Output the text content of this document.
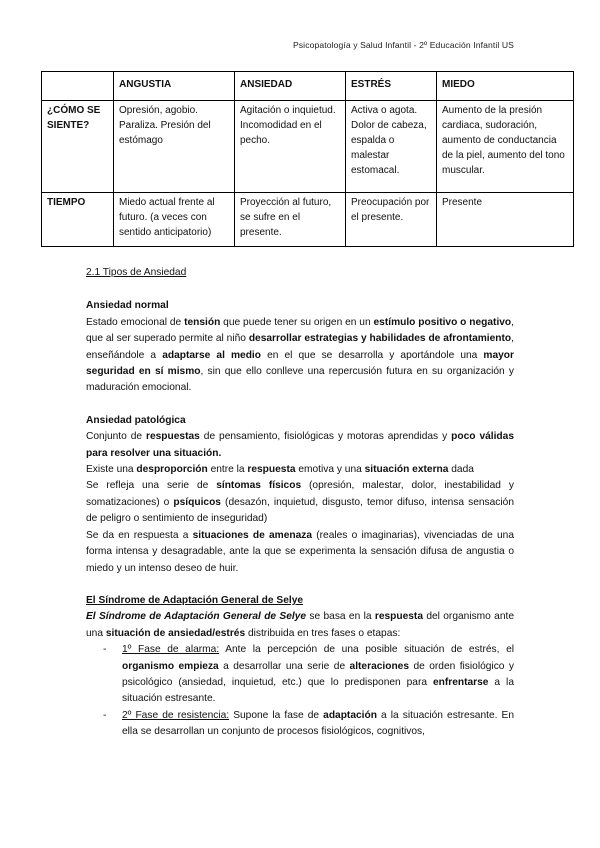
Psicopatología y Salud Infantil - 2º Educación Infantil US
	ANGUSTIA	ANSIEDAD	ESTRÉS	MIEDO
¿CÓMO SE SIENTE?	Opresión, agobio. Paraliza. Presión del estómago	Agitación o inquietud. Incomodidad en el pecho.	Activa o agota. Dolor de cabeza, espalda o malestar estomacal.	Aumento de la presión cardiaca, sudoración, aumento de conductancia de la piel, aumento del tono muscular.
TIEMPO	Miedo actual frente al futuro. (a veces con sentido anticipatorio)	Proyección al futuro, se sufre en el presente.	Preocupación por el presente.	Presente

2.1 Tipos de Ansiedad

Ansiedad normal

Estado emocional de tensión que puede tener su origen en un estímulo positivo o negativo, que al ser superado permite al niño desarrollar estrategias y habilidades de afrontamiento, enseñándole a adaptarse al medio en el que se desarrolla y aportándole una mayor seguridad en sí mismo, sin que ello conlleve una repercusión futura en su organización y maduración emocional.

Ansiedad patológica

Conjunto de respuestas de pensamiento, fisiológicas y motoras aprendidas y poco válidas para resolver una situación.

Existe una desproporción entre la respuesta emotiva y una situación externa dada

Se refleja una serie de síntomas físicos (opresión, malestar, dolor, inestabilidad y somatizaciones) o psíquicos (desazón, inquietud, disgusto, temor difuso, intensa sensación de peligro o sentimiento de inseguridad)

Se da en respuesta a situaciones de amenaza (reales o imaginarias), vivenciadas de una forma intensa y desagradable, ante la que se experimenta la sensación difusa de angustia o miedo y un intenso deseo de huir.

El Síndrome de Adaptación General de Selye

El Síndrome de Adaptación General de Selye se basa en la respuesta del organismo ante una situación de ansiedad/estrés distribuida en tres fases o etapas:

- 1º Fase de alarma: Ante la percepción de una posible situación de estrés, el organismo empieza a desarrollar una serie de alteraciones de orden fisiológico y psicológico (ansiedad, inquietud, etc.) que lo predisponen para enfrentarse a la situación estresante.
- 2º Fase de resistencia: Supone la fase de adaptación a la situación estresante. En ella se desarrollan un conjunto de procesos fisiológicos, cognitivos,
